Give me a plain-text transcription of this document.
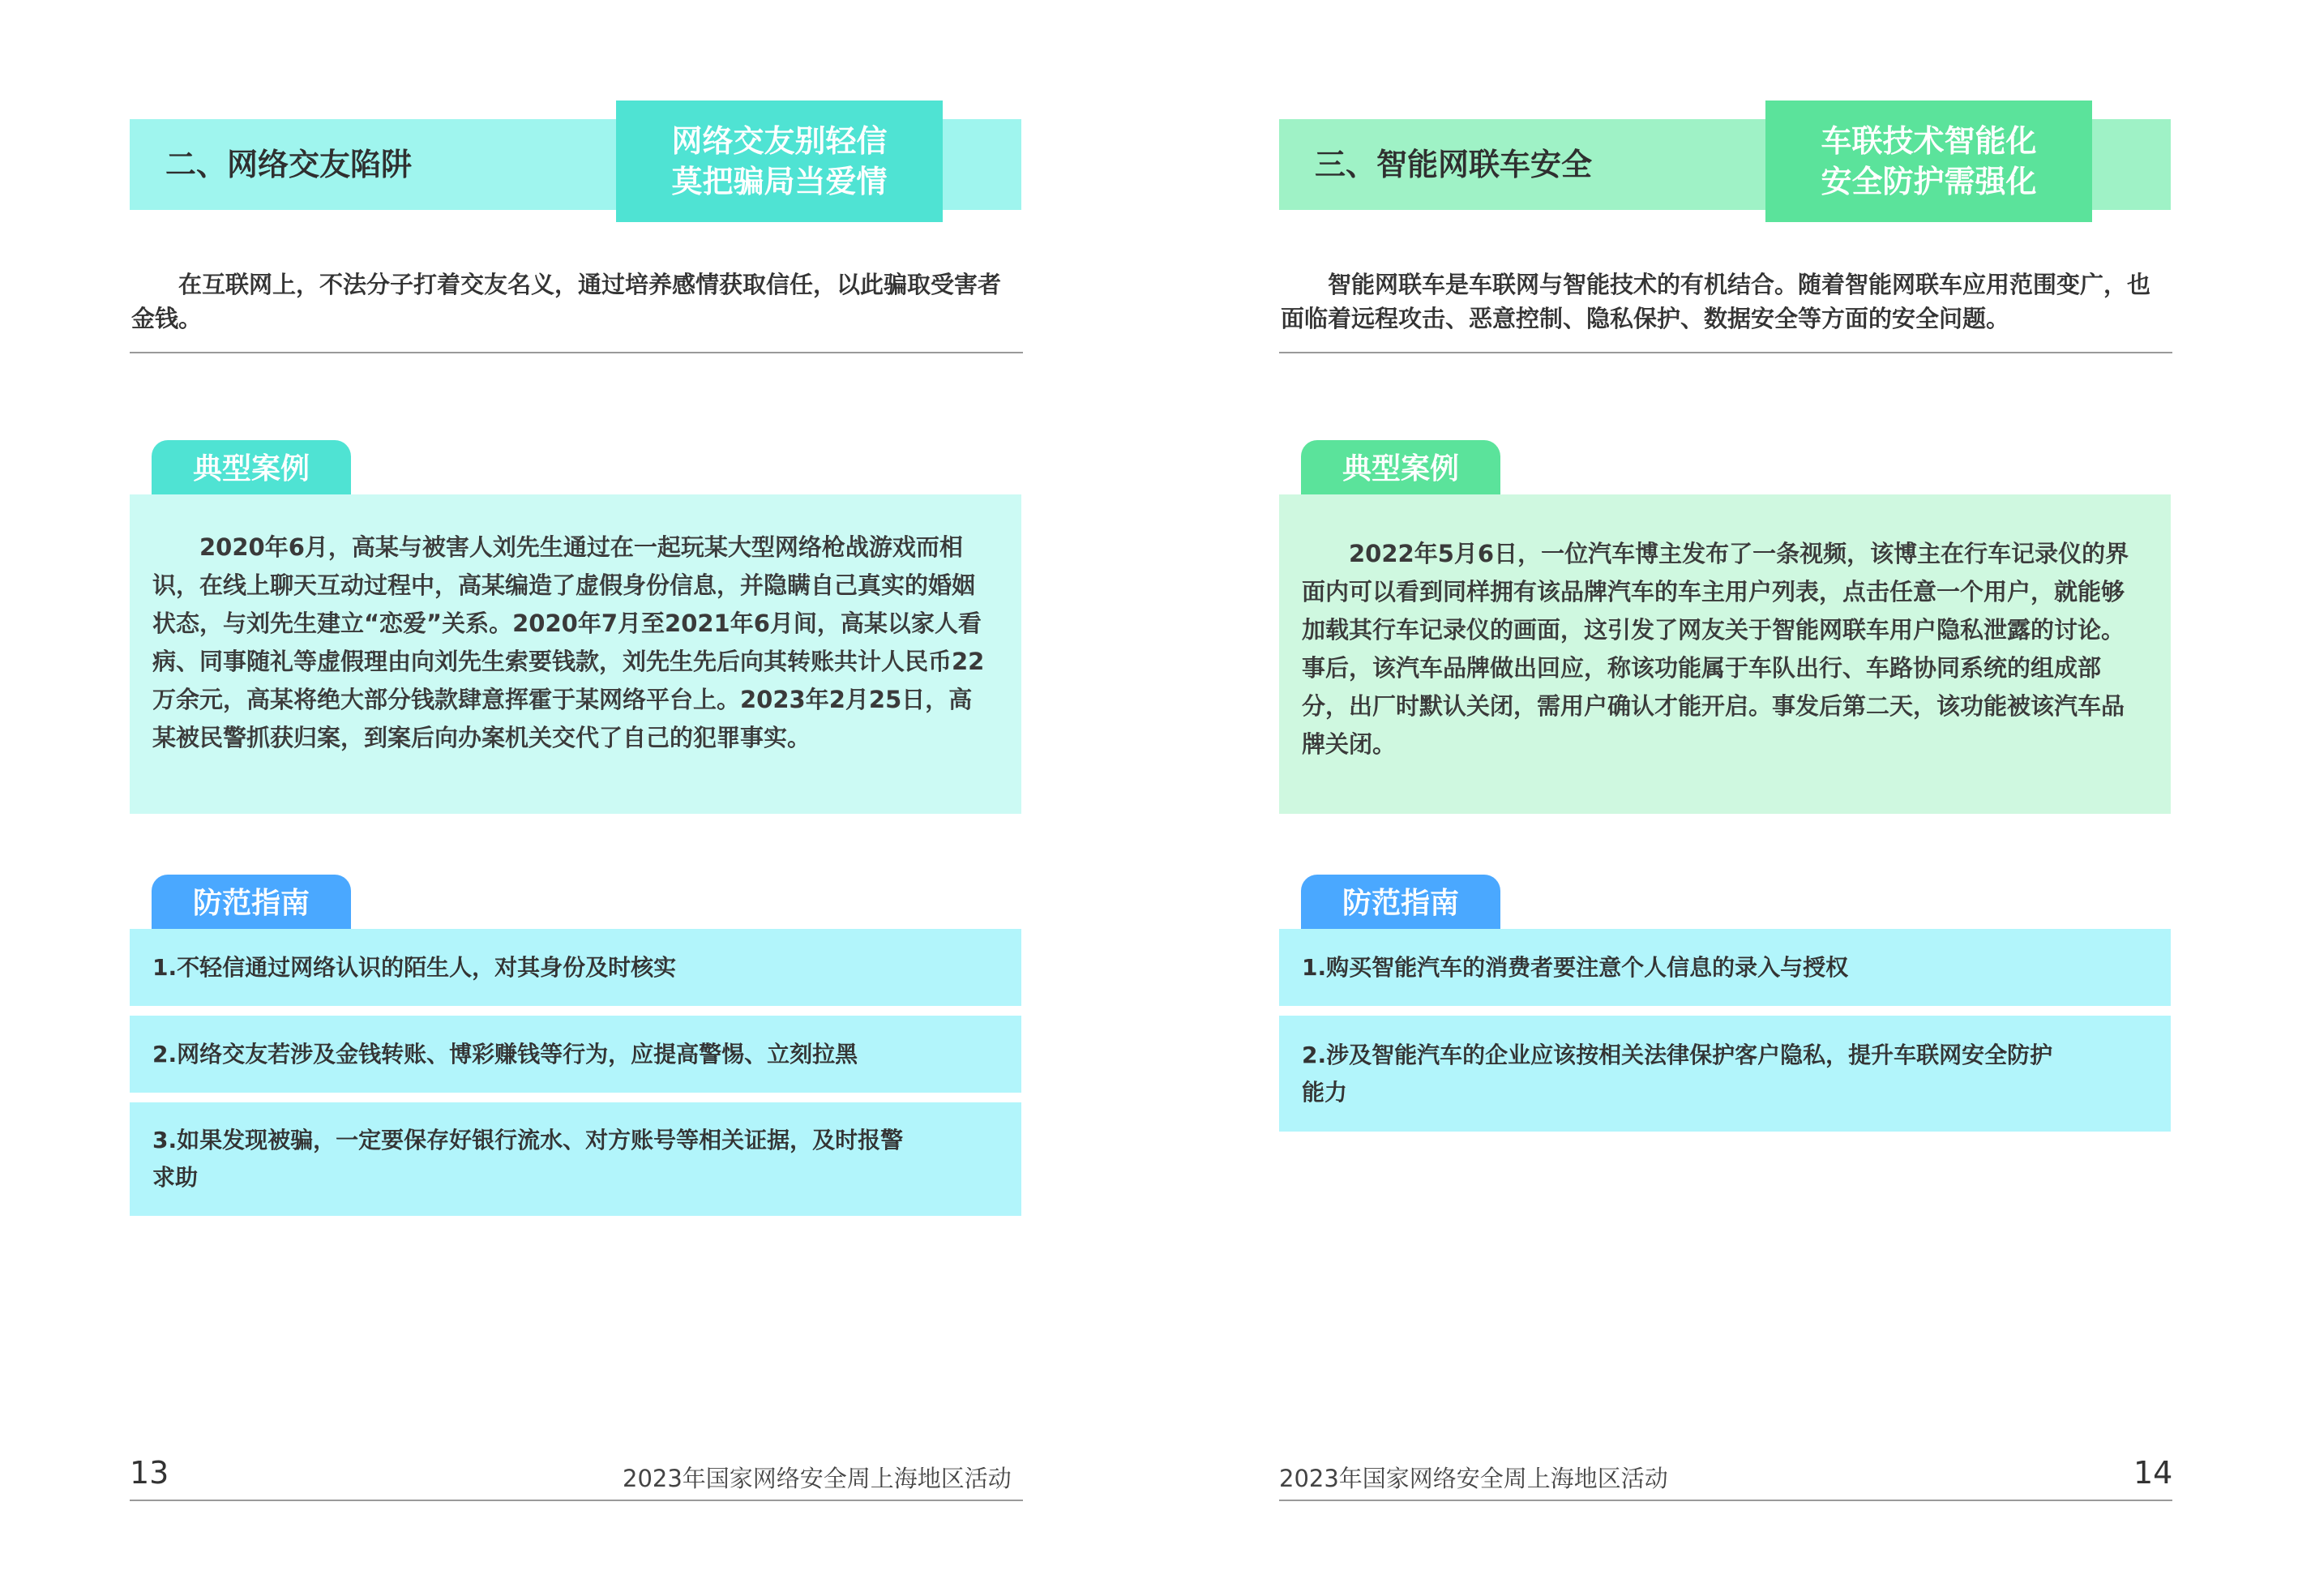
二、网络交友陷阱
网络交友别轻信
莫把骗局当爱情

在互联网上，不法分子打着交友名义，通过培养感情获取信任，以此骗取受害者金钱。

典型案例

2020年6月，高某与被害人刘先生通过在一起玩某大型网络枪战游戏而相识，在线上聊天互动过程中，高某编造了虚假身份信息，并隐瞒自己真实的婚姻状态，与刘先生建立“恋爱”关系。2020年7月至2021年6月间，高某以家人看病、同事随礼等虚假理由向刘先生索要钱款，刘先生先后向其转账共计人民币22万余元，高某将绝大部分钱款肆意挥霍于某网络平台上。2023年2月25日，高某被民警抓获归案，到案后向办案机关交代了自己的犯罪事实。

防范指南
1.不轻信通过网络认识的陌生人，对其身份及时核实
2.网络交友若涉及金钱转账、博彩赚钱等行为，应提高警惕、立刻拉黑
3.如果发现被骗，一定要保存好银行流水、对方账号等相关证据，及时报警求助
13	2023年国家网络安全周上海地区活动
三、智能网联车安全
车联技术智能化
安全防护需强化

智能网联车是车联网与智能技术的有机结合。随着智能网联车应用范围变广，也面临着远程攻击、恶意控制、隐私保护、数据安全等方面的安全问题。

典型案例

2022年5月6日，一位汽车博主发布了一条视频，该博主在行车记录仪的界面内可以看到同样拥有该品牌汽车的车主用户列表，点击任意一个用户，就能够加载其行车记录仪的画面，这引发了网友关于智能网联车用户隐私泄露的讨论。事后，该汽车品牌做出回应，称该功能属于车队出行、车路协同系统的组成部分，出厂时默认关闭，需用户确认才能开启。事发后第二天，该功能被该汽车品牌关闭。

防范指南
1.购买智能汽车的消费者要注意个人信息的录入与授权
2.涉及智能汽车的企业应该按相关法律保护客户隐私，提升车联网安全防护能力
2023年国家网络安全周上海地区活动	14
